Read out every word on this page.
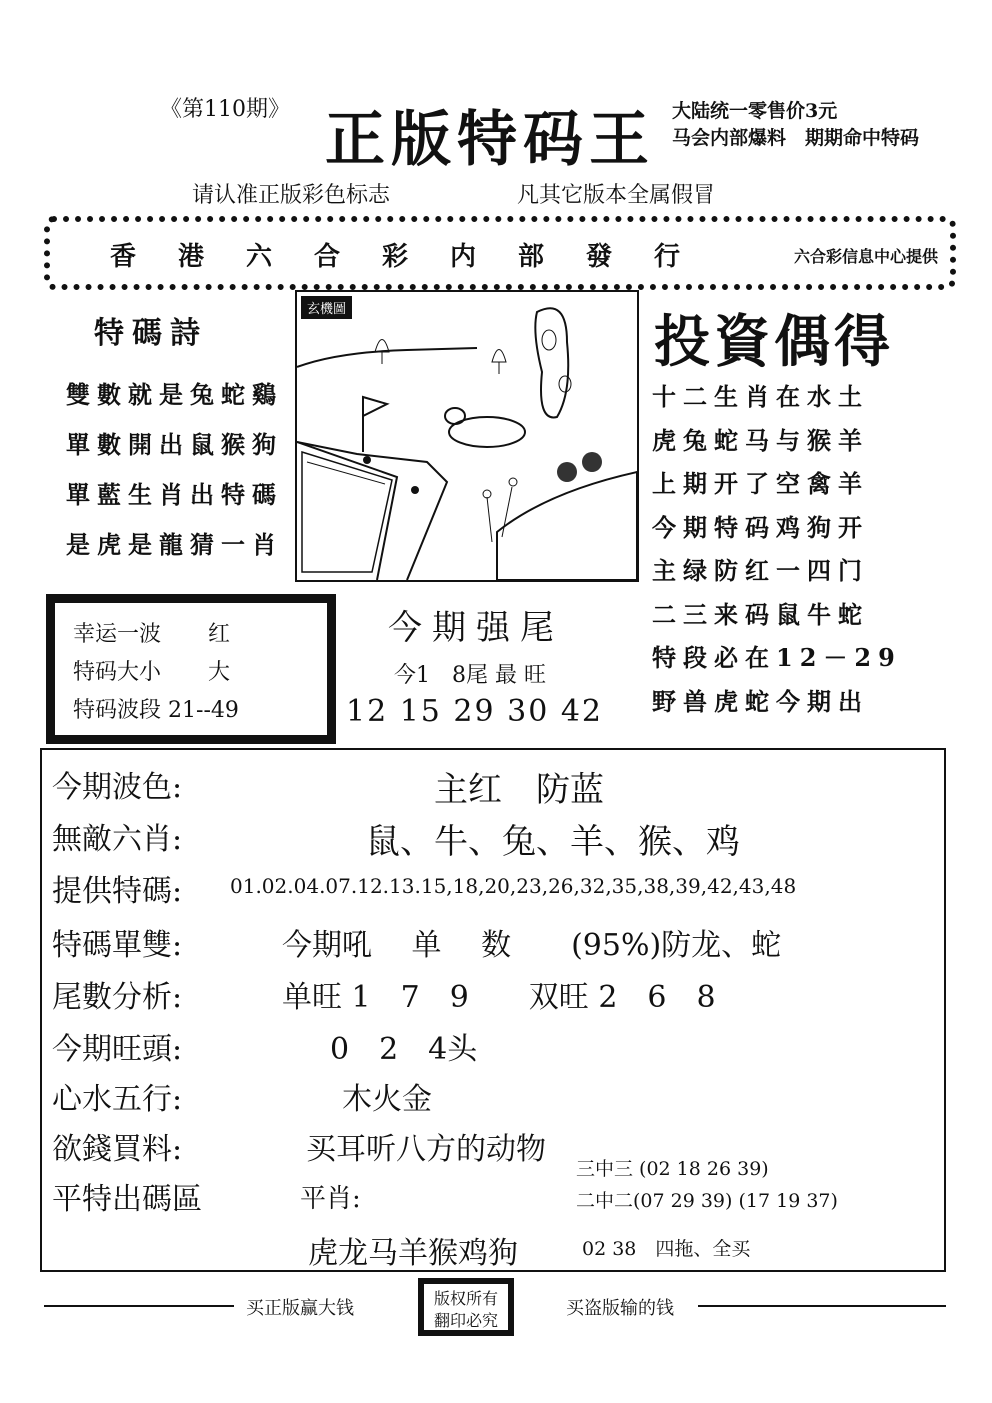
《第110期》 正版特码王 大陆统一零售价3元
马会内部爆料　期期命中特码
请认准正版彩色标志	凡其它版本全属假冒
香港六合彩内部發行	六合彩信息中心提供
特碼詩
雙數就是兔蛇鷄
單數開出鼠猴狗
單藍生肖出特碼
是虎是龍猜一肖
玄機圖	投資偶得
十二生肖在水土
虎兔蛇马与猴羊
上期开了空禽羊
今期特码鸡狗开
主绿防红一四门
二三来码鼠牛蛇
特段必在12－29
野兽虎蛇今期出
幸运一波 红
特码大小 大
特码波段 21--49
今期强尾
今1　8尾 最 旺
12 15 29 30 42
今期波色:	主红　防蓝
無敵六肖:	鼠、牛、兔、羊、猴、鸡
提供特碼: 01.02.04.07.12.13.15,18,20,23,26,32,35,38,39,42,43,48
特碼單雙:	今期吼　 单 　数　　(95%)防龙、蛇
尾數分析:	单旺 1　7　9　　双旺 2　6　8
今期旺頭:	0　2　4头
心水五行:	木火金
欲錢買料:	买耳听八方的动物
平特出碼區	平肖:
三中三 (02 18 26 39)
二中二(07 29 39) (17 19 37)
虎龙马羊猴鸡狗	02 38　四拖、全买
买正版赢大钱	版权所有
翻印必究
买盗版输的钱
